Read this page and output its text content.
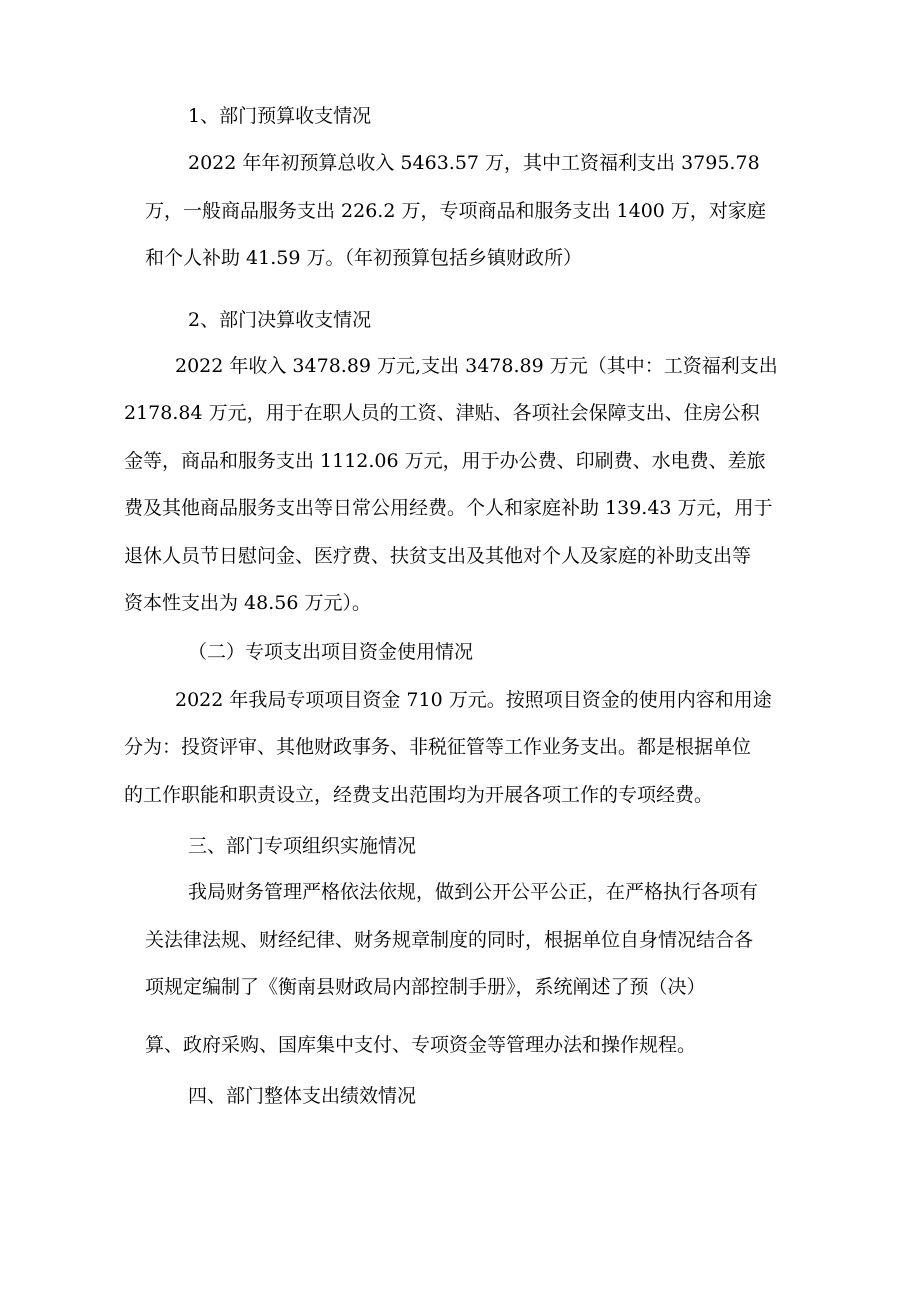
1、部门预算收支情况
2022 年年初预算总收入 5463.57 万，其中工资福利支出 3795.78
万，一般商品服务支出 226.2 万，专项商品和服务支出 1400 万，对家庭
和个人补助 41.59 万。（年初预算包括乡镇财政所）
2、部门决算收支情况
2022 年收入 3478.89 万元,支出 3478.89 万元（其中：工资福利支出
2178.84 万元，用于在职人员的工资、津贴、各项社会保障支出、住房公积
金等，商品和服务支出 1112.06 万元，用于办公费、印刷费、水电费、差旅
费及其他商品服务支出等日常公用经费。个人和家庭补助 139.43 万元，用于
退休人员节日慰问金、医疗费、扶贫支出及其他对个人及家庭的补助支出等
资本性支出为 48.56 万元）。
（二）专项支出项目资金使用情况
2022 年我局专项项目资金 710 万元。按照项目资金的使用内容和用途
分为：投资评审、其他财政事务、非税征管等工作业务支出。都是根据单位
的工作职能和职责设立，经费支出范围均为开展各项工作的专项经费。
三、部门专项组织实施情况
我局财务管理严格依法依规，做到公开公平公正，在严格执行各项有
关法律法规、财经纪律、财务规章制度的同时，根据单位自身情况结合各
项规定编制了《衡南县财政局内部控制手册》，系统阐述了预（决）
算、政府采购、国库集中支付、专项资金等管理办法和操作规程。
四、部门整体支出绩效情况
